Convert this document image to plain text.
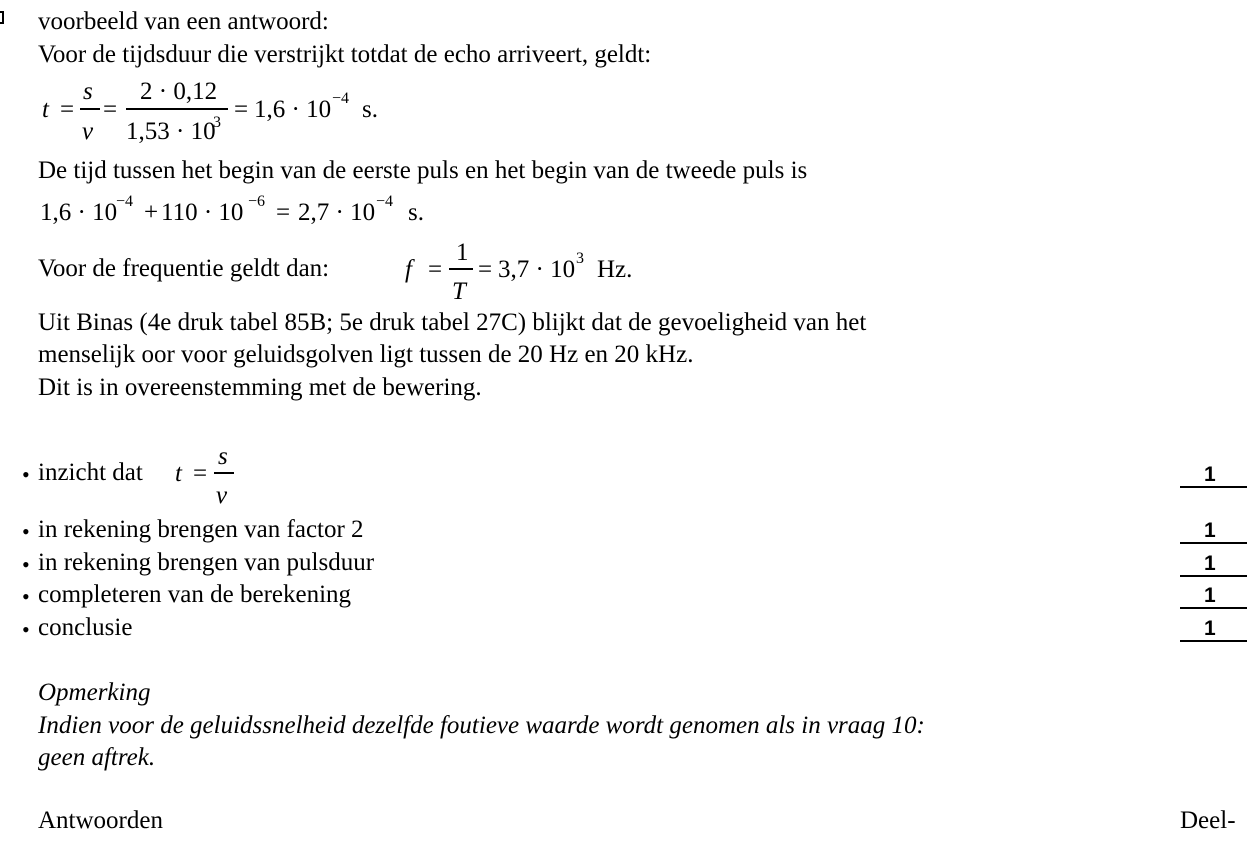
voorbeeld van een antwoord:
Voor de tijdsduur die verstrijkt totdat de echo arriveert, geldt:
t =
s
v
=
2 · 0,12
1,53 · 10
3 = 1,6 · 10 −4 s.
De tijd tussen het begin van de eerste puls en het begin van de tweede puls is
1,6 · 10
−4 + 110 · 10 −6 = 2,7 · 10 −4 s.
Voor de frequentie geldt dan:	f =
1
T
= 3,7 · 10 3 Hz.
Uit Binas (4e druk tabel 85B; 5e druk tabel 27C) blijkt dat de gevoeligheid van het
menselijk oor voor geluidsgolven ligt tussen de 20 Hz en 20 kHz.
Dit is in overeenstemming met de bewering.
• inzicht dat t =
s
v
1
• in rekening brengen van factor 2	1
• in rekening brengen van pulsduur	1
• completeren van de berekening	1
• conclusie	1
Opmerking
Indien voor de geluidssnelheid dezelfde foutieve waarde wordt genomen als in vraag 10:
geen aftrek.
Antwoorden	Deel-
